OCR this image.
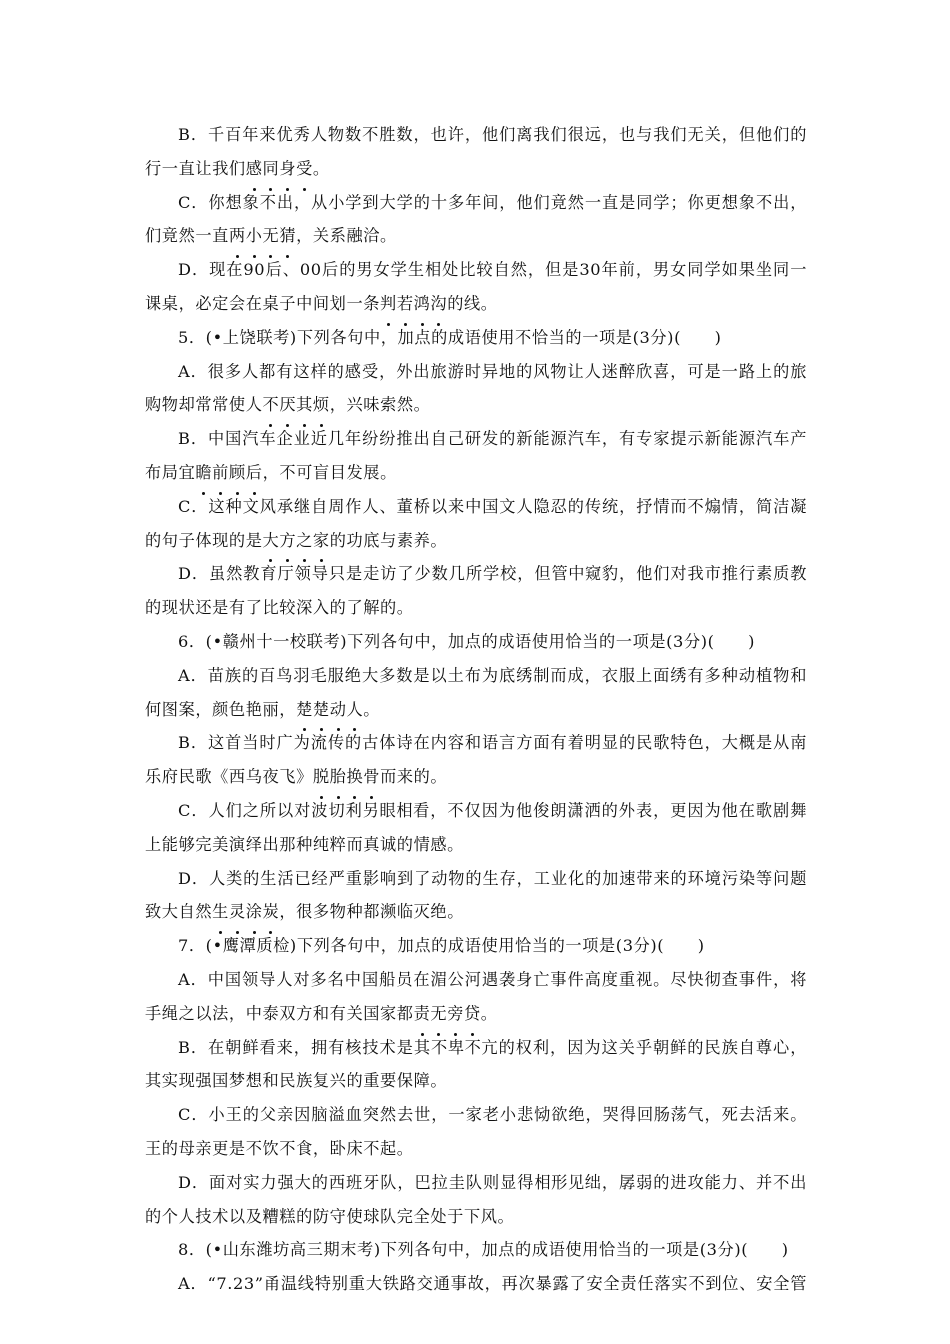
B．千百年来优秀人物数不胜数，也许，他们离我们很远，也与我们无关，但他们的
行一直让我们感同身受。
C．你想象不出，从小学到大学的十多年间，他们竟然一直是同学；你更想象不出，
们竟然一直两小无猜，关系融洽。
D．现在90后、00后的男女学生相处比较自然，但是30年前，男女同学如果坐同一
课桌，必定会在桌子中间划一条判若鸿沟的线。
5．(•上饶联考)下列各句中，加点的成语使用不恰当的一项是(3分)(　　)
A．很多人都有这样的感受，外出旅游时异地的风物让人迷醉欣喜，可是一路上的旅
购物却常常使人不厌其烦，兴味索然。
B．中国汽车企业近几年纷纷推出自己研发的新能源汽车，有专家提示新能源汽车产
布局宜瞻前顾后，不可盲目发展。
C．这种文风承继自周作人、董桥以来中国文人隐忍的传统，抒情而不煽情，简洁凝
的句子体现的是大方之家的功底与素养。
D．虽然教育厅领导只是走访了少数几所学校，但管中窥豹，他们对我市推行素质教
的现状还是有了比较深入的了解的。
6．(•赣州十一校联考)下列各句中，加点的成语使用恰当的一项是(3分)(　　)
A．苗族的百鸟羽毛服绝大多数是以土布为底绣制而成，衣服上面绣有多种动植物和
何图案，颜色艳丽，楚楚动人。
B．这首当时广为流传的古体诗在内容和语言方面有着明显的民歌特色，大概是从南
乐府民歌《西乌夜飞》脱胎换骨而来的。
C．人们之所以对波切利另眼相看，不仅因为他俊朗潇洒的外表，更因为他在歌剧舞
上能够完美演绎出那种纯粹而真诚的情感。
D．人类的生活已经严重影响到了动物的生存，工业化的加速带来的环境污染等问题
致大自然生灵涂炭，很多物种都濒临灭绝。
7．(•鹰潭质检)下列各句中，加点的成语使用恰当的一项是(3分)(　　)
A．中国领导人对多名中国船员在湄公河遇袭身亡事件高度重视。尽快彻查事件，将
手绳之以法，中泰双方和有关国家都责无旁贷。
B．在朝鲜看来，拥有核技术是其不卑不亢的权利，因为这关乎朝鲜的民族自尊心，
其实现强国梦想和民族复兴的重要保障。
C．小王的父亲因脑溢血突然去世，一家老小悲恸欲绝，哭得回肠荡气，死去活来。
王的母亲更是不饮不食，卧床不起。
D．面对实力强大的西班牙队，巴拉圭队则显得相形见绌，孱弱的进攻能力、并不出
的个人技术以及糟糕的防守使球队完全处于下风。
8．(•山东潍坊高三期末考)下列各句中，加点的成语使用恰当的一项是(3分)(　　)
A．“7.23”甬温线特别重大铁路交通事故，再次暴露了安全责任落实不到位、安全管
